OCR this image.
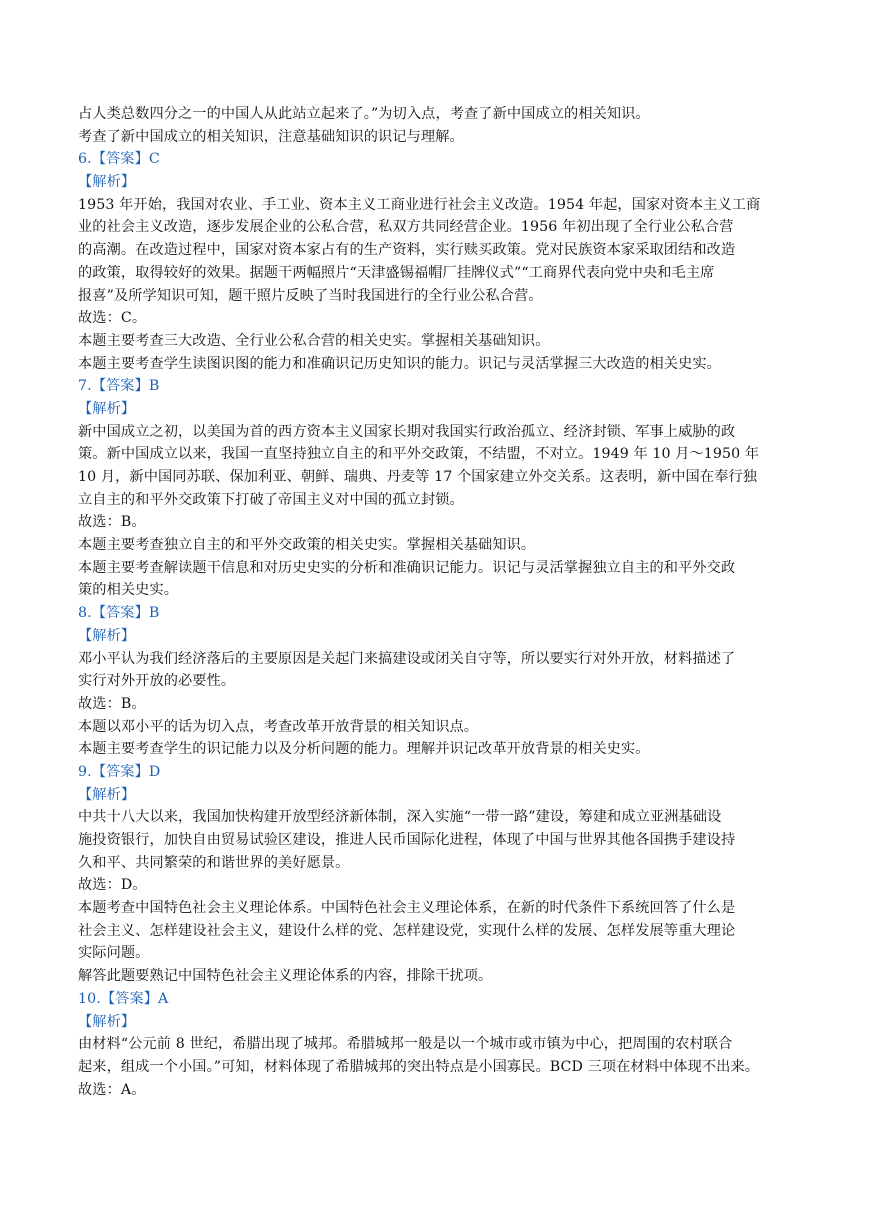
占人类总数四分之一的中国人从此站立起来了。”为切入点，考查了新中国成立的相关知识。
考查了新中国成立的相关知识，注意基础知识的识记与理解。
6.【答案】C
【解析】
1953 年开始，我国对农业、手工业、资本主义工商业进行社会主义改造。1954 年起，国家对资本主义工商
业的社会主义改造，逐步发展企业的公私合营，私双方共同经营企业。1956 年初出现了全行业公私合营
的高潮。在改造过程中，国家对资本家占有的生产资料，实行赎买政策。党对民族资本家采取团结和改造
的政策，取得较好的效果。据题干两幅照片“天津盛锡福帽厂挂牌仪式”“工商界代表向党中央和毛主席
报喜”及所学知识可知，题干照片反映了当时我国进行的全行业公私合营。
故选：C。
本题主要考查三大改造、全行业公私合营的相关史实。掌握相关基础知识。
本题主要考查学生读图识图的能力和准确识记历史知识的能力。识记与灵活掌握三大改造的相关史实。
7.【答案】B
【解析】
新中国成立之初，以美国为首的西方资本主义国家长期对我国实行政治孤立、经济封锁、军事上威胁的政
策。新中国成立以来，我国一直坚持独立自主的和平外交政策，不结盟，不对立。1949 年 10 月～1950 年
10 月，新中国同苏联、保加利亚、朝鲜、瑞典、丹麦等 17 个国家建立外交关系。这表明，新中国在奉行独
立自主的和平外交政策下打破了帝国主义对中国的孤立封锁。
故选：B。
本题主要考查独立自主的和平外交政策的相关史实。掌握相关基础知识。
本题主要考查解读题干信息和对历史史实的分析和准确识记能力。识记与灵活掌握独立自主的和平外交政
策的相关史实。
8.【答案】B
【解析】
邓小平认为我们经济落后的主要原因是关起门来搞建设或闭关自守等，所以要实行对外开放，材料描述了
实行对外开放的必要性。
故选：B。
本题以邓小平的话为切入点，考查改革开放背景的相关知识点。
本题主要考查学生的识记能力以及分析问题的能力。理解并识记改革开放背景的相关史实。
9.【答案】D
【解析】
中共十八大以来，我国加快构建开放型经济新体制，深入实施“一带一路”建设，筹建和成立亚洲基础设
施投资银行，加快自由贸易试验区建设，推进人民币国际化进程，体现了中国与世界其他各国携手建设持
久和平、共同繁荣的和谐世界的美好愿景。
故选：D。
本题考查中国特色社会主义理论体系。中国特色社会主义理论体系，在新的时代条件下系统回答了什么是
社会主义、怎样建设社会主义，建设什么样的党、怎样建设党，实现什么样的发展、怎样发展等重大理论
实际问题。
解答此题要熟记中国特色社会主义理论体系的内容，排除干扰项。
10.【答案】A
【解析】
由材料“公元前 8 世纪，希腊出现了城邦。希腊城邦一般是以一个城市或市镇为中心，把周围的农村联合
起来，组成一个小国。”可知，材料体现了希腊城邦的突出特点是小国寡民。BCD 三项在材料中体现不出来。
故选：A。
